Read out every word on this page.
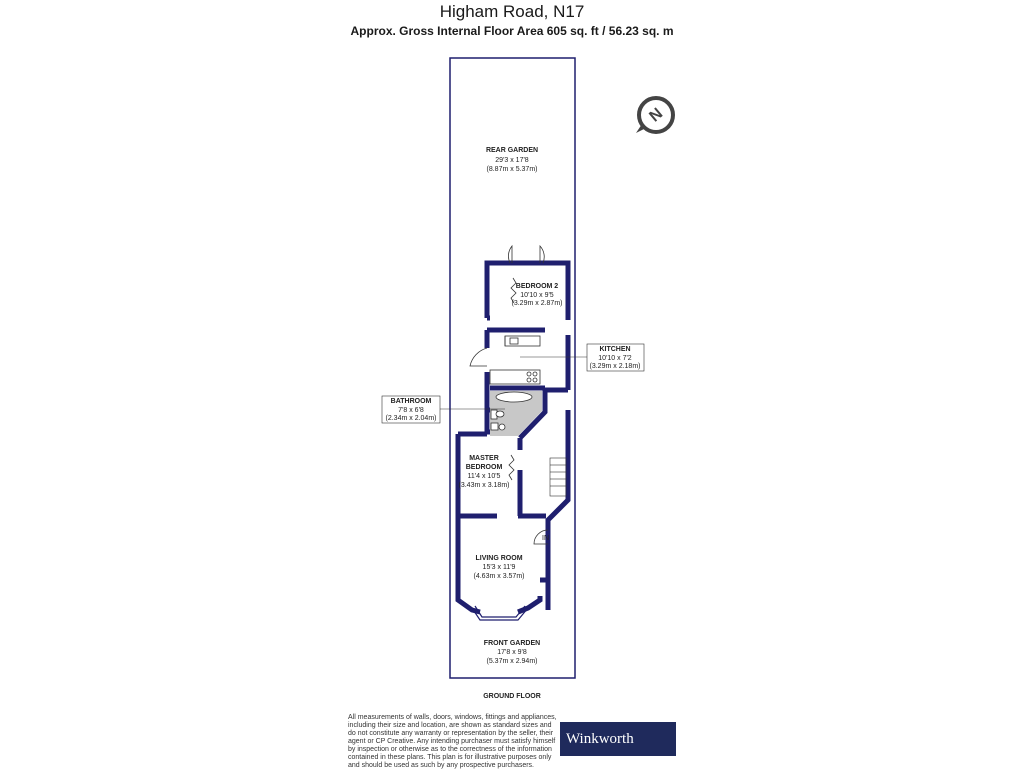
Higham Road, N17
Approx. Gross Internal Floor Area 605 sq. ft / 56.23 sq. m
N
IN
REAR GARDEN
29'3 x 17'8
(8.87m x 5.37m)
BEDROOM 2
10'10 x 9'5
(3.29m x 2.87m)
KITCHEN
10'10 x 7'2
(3.29m x 2.18m)
BATHROOM
7'8 x 6'8
(2.34m x 2.04m)
MASTER
BEDROOM
11'4 x 10'5
(3.43m x 3.18m)
LIVING ROOM
15'3 x 11'9
(4.63m x 3.57m)
FRONT GARDEN
17'8 x 9'8
(5.37m x 2.94m)
GROUND FLOOR
All measurements of walls, doors, windows, fittings and appliances, including their size and location, are shown as standard sizes and do not constitute any warranty or representation by the seller, their agent or CP Creative. Any intending purchaser must satisfy himself by inspection or otherwise as to the correctness of the information contained in these plans. This plan is for illustrative purposes only and should be used as such by any prospective purchasers.
Winkworth
